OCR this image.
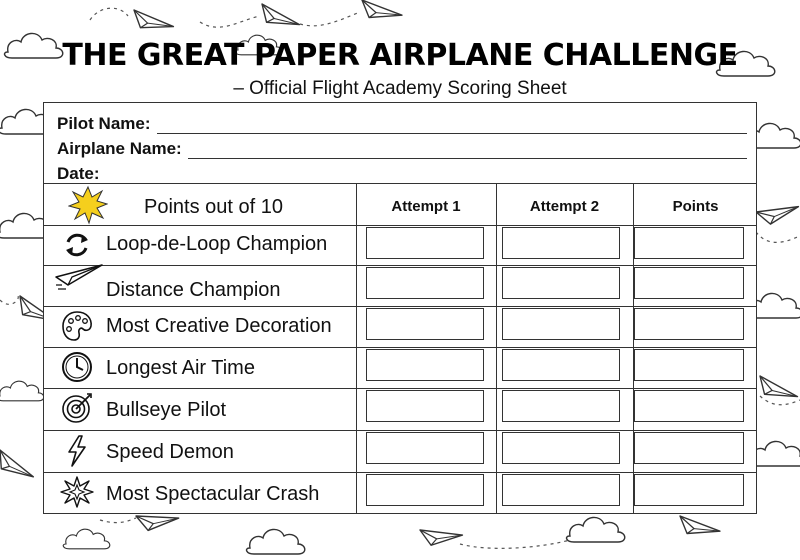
THE GREAT PAPER AIRPLANE CHALLENGE
– Official Flight Academy Scoring Sheet
Pilot Name:
Airplane Name:
Date:
Points out of 10	Attempt 1	Attempt 2	Points
Loop-de-Loop Champion
Distance Champion
Most Creative Decoration
Longest Air Time
Bullseye Pilot
Speed Demon
Most Spectacular Crash
